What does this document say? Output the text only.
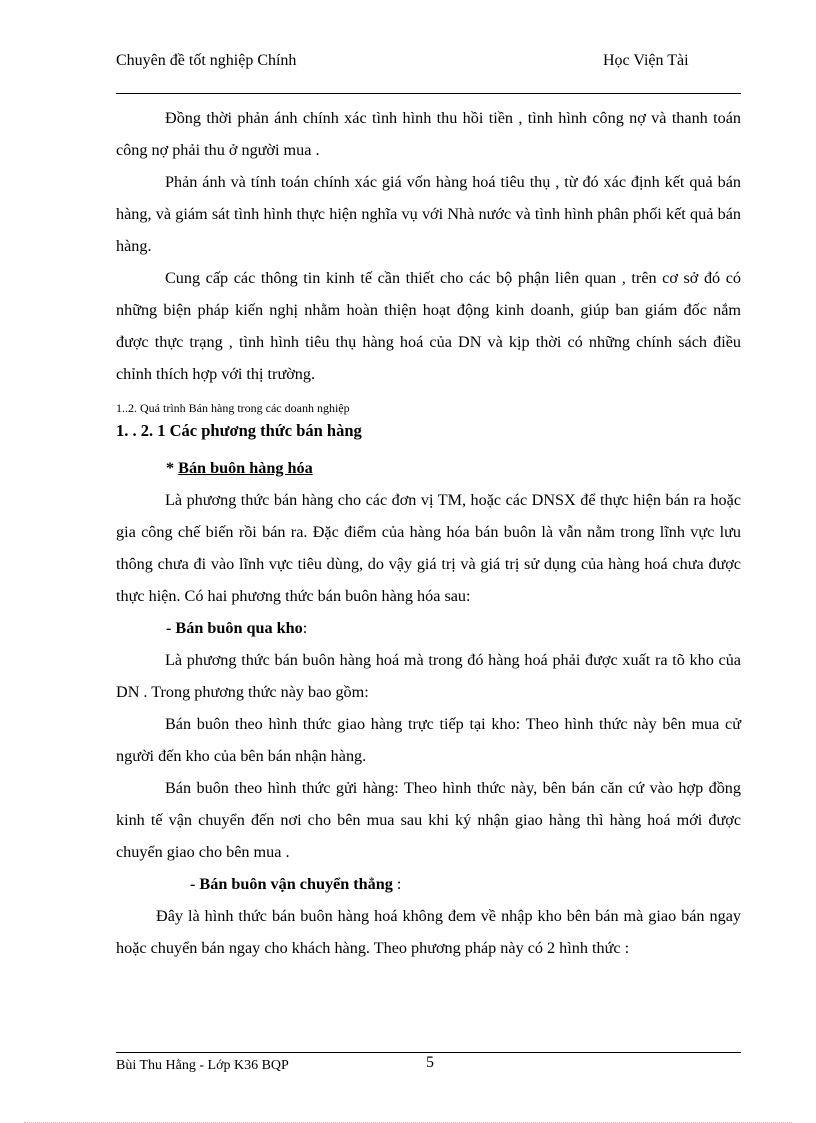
Chuyên đề tốt nghiệp Chính	Học Viện Tài

Đồng thời phản ánh chính xác tình hình thu hồi tiền , tình hình công nợ và thanh toán công nợ phải thu ở người mua .

Phản ánh và tính toán chính xác giá vốn hàng hoá tiêu thụ , từ đó xác định kết quả bán hàng, và giám sát tình hình thực hiện nghĩa vụ với Nhà nước và tình hình phân phối kết quả bán hàng.

Cung cấp các thông tin kinh tế cần thiết cho các bộ phận liên quan , trên cơ sở đó có những biện pháp kiến nghị nhằm hoàn thiện hoạt động kinh doanh, giúp ban giám đốc nắm được thực trạng , tình hình tiêu thụ hàng hoá của DN và kịp thời có những chính sách điều chỉnh thích hợp với thị trường.

1..2. Quá trình Bán hàng trong các doanh nghiệp

1. . 2. 1 Các phương thức bán hàng

* Bán buôn hàng hóa

Là phương thức bán hàng cho các đơn vị TM, hoặc các DNSX để thực hiện bán ra hoặc gia công chế biến rồi bán ra. Đặc điểm của hàng hóa bán buôn là vẫn nằm trong lĩnh vực lưu thông chưa đi vào lĩnh vực tiêu dùng, do vậy giá trị và giá trị sử dụng của hàng hoá chưa được thực hiện. Có hai phương thức bán buôn hàng hóa sau:

- Bán buôn qua kho:

Là phương thức bán buôn hàng hoá mà trong đó hàng hoá phải được xuất ra tõ kho của DN . Trong phương thức này bao gồm:

Bán buôn theo hình thức giao hàng trực tiếp tại kho: Theo hình thức này bên mua cử người đến kho của bên bán nhận hàng.

Bán buôn theo hình thức gửi hàng: Theo hình thức này, bên bán căn cứ vào hợp đồng kinh tế vận chuyển đến nơi cho bên mua sau khi ký nhận giao hàng thì hàng hoá mới được chuyển giao cho bên mua .

- Bán buôn vận chuyển thẳng :

Đây là hình thức bán buôn hàng hoá không đem về nhập kho bên bán mà giao bán ngay hoặc chuyển bán ngay cho khách hàng. Theo phương pháp này có 2 hình thức :

Bùi Thu Hằng - Lớp K36 BQP	5
